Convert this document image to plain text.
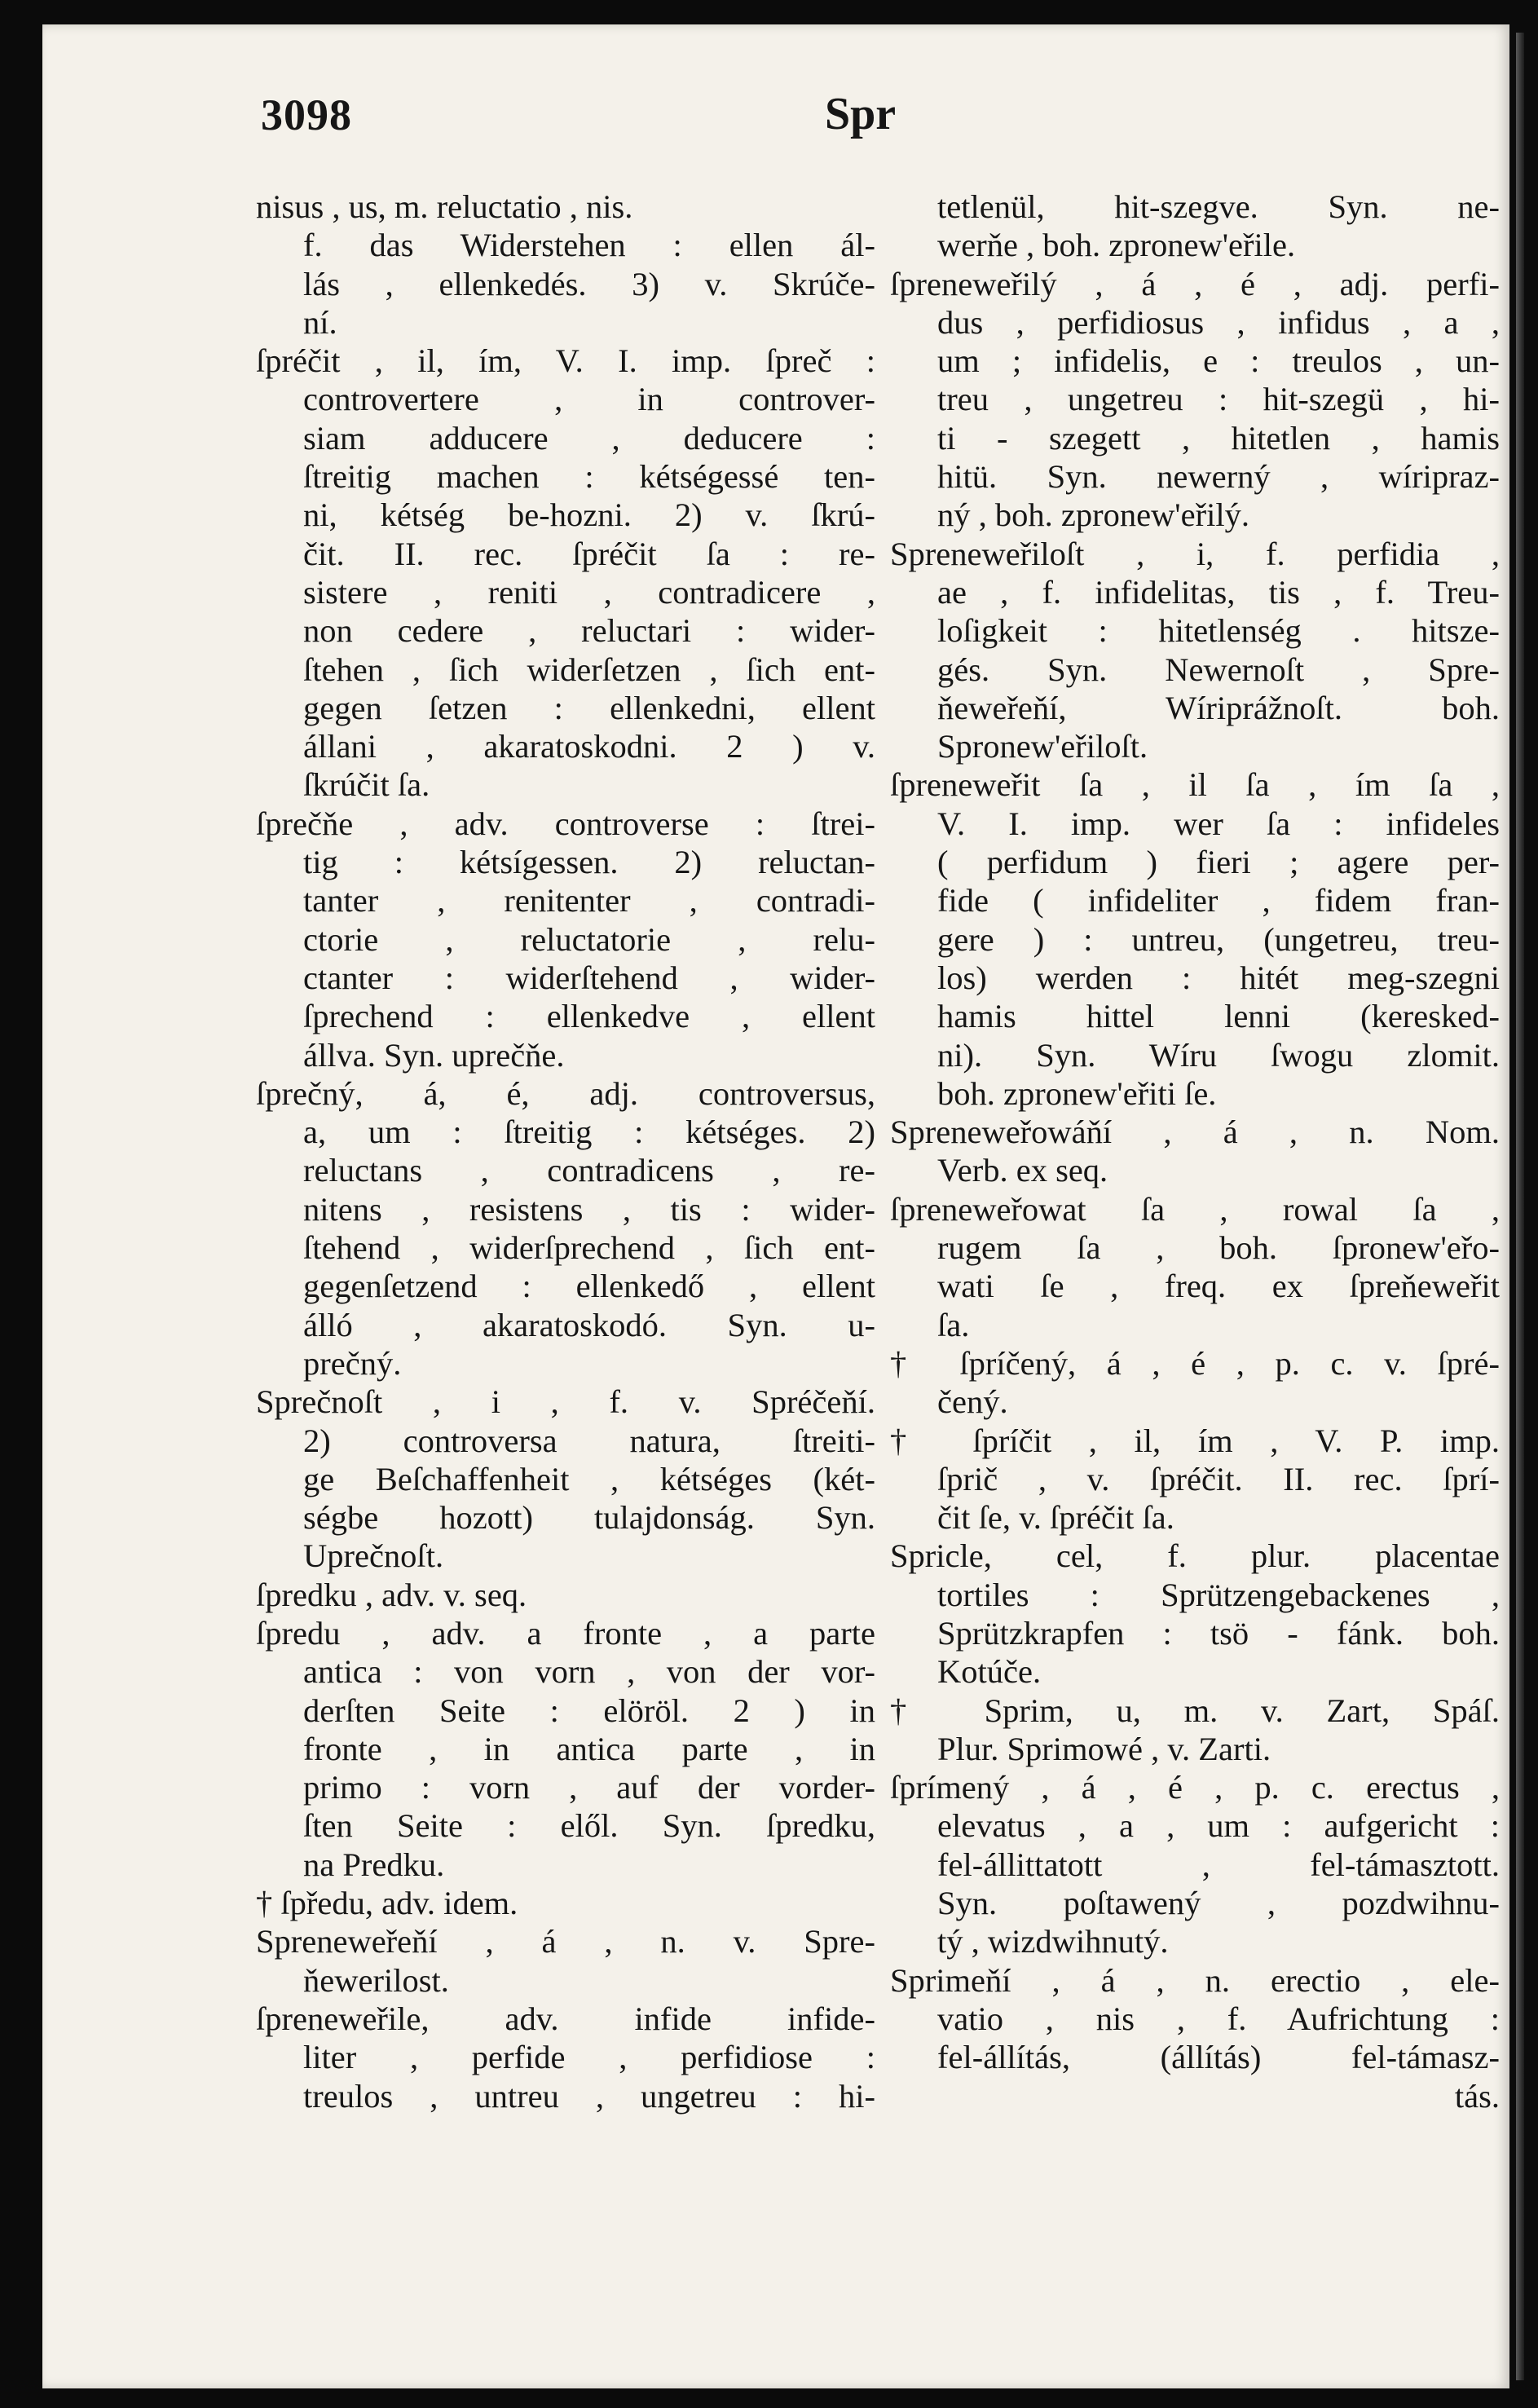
3098	Spr
nisus , us, m. reluctatio , nis.
f. das Widerstehen : ellen ál-
lás , ellenkedés. 3) v. Skrúče-
ní.
ſpréčit , il, ím, V. I. imp. ſpreč :
controvertere , in controver-
siam adducere , deducere :
ſtreitig machen : kétségessé ten-
ni, kétség be-hozni. 2) v. ſkrú-
čit. II. rec. ſpréčit ſa : re-
sistere , reniti , contradicere ,
non cedere , reluctari : wider-
ſtehen , ſich widerſetzen , ſich ent-
gegen ſetzen : ellenkedni, ellent
állani , akaratoskodni. 2 ) v.
ſkrúčit ſa.
ſprečňe , adv. controverse : ſtrei-
tig : kétsígessen. 2) reluctan-
tanter , renitenter , contradi-
ctorie , reluctatorie , relu-
ctanter : widerſtehend , wider-
ſprechend : ellenkedve , ellent
állva. Syn. uprečňe.
ſprečný, á, é, adj. controversus,
a, um : ſtreitig : kétséges. 2)
reluctans , contradicens , re-
nitens , resistens , tis : wider-
ſtehend , widerſprechend , ſich ent-
gegenſetzend : ellenkedő , ellent
álló , akaratoskodó. Syn. u-
prečný.
Sprečnoſt , i , f. v. Spréčeňí.
2) controversa natura, ſtreiti-
ge Beſchaffenheit , kétséges (két-
ségbe hozott) tulajdonság. Syn.
Uprečnoſt.
ſpredku , adv. v. seq.
ſpredu , adv. a fronte , a parte
antica : von vorn , von der vor-
derſten Seite : elöröl. 2 ) in
fronte , in antica parte , in
primo : vorn , auf der vorder-
ſten Seite : elől. Syn. ſpredku,
na Predku.
† ſpředu, adv. idem.
Spreneweřeňí , á , n. v. Spre-
ňewerilost.
ſpreneweřile, adv. infide infide-
liter , perfide , perfidiose :
treulos , untreu , ungetreu : hi-
tetlenül, hit-szegve. Syn. ne-
werňe , boh. zpronew'eřile.
ſpreneweřilý , á , é , adj. perfi-
dus , perfidiosus , infidus , a ,
um ; infidelis, e : treulos , un-
treu , ungetreu : hit-szegü , hi-
ti - szegett , hitetlen , hamis
hitü. Syn. newerný , wíriprаz-
ný , boh. zpronew'eřilý.
Spreneweřiloſt , i, f. perfidia ,
ae , f. infidelitas, tis , f. Treu-
loſigkeit : hitetlenség . hitsze-
gés. Syn. Newernoſt , Spre-
ňeweřeňí, Wíriprážnoſt. boh.
Spronew'eřiloſt.
ſpreneweřit ſa , il ſa , ím ſa ,
V. I. imp. wer ſa : infideles
( perfidum ) fieri ; agere per-
fide ( infideliter , fidem fran-
gere ) : untreu, (ungetreu, treu-
los) werden : hitét meg-szegni
hamis hittel lenni (keresked-
ni). Syn. Wíru ſwogu zlomit.
boh. zpronew'eřiti ſe.
Spreneweřowáňí , á , n. Nom.
Verb. ex seq.
ſpreneweřowat ſa , rowal ſa ,
rugem ſa , boh. ſpronew'eřo-
wati ſe , freq. ex ſpreňeweřit
ſa.
† ſpríčený, á , é , p. c. v. ſpré-
čený.
† ſpríčit , il, ím , V. P. imp.
ſprič , v. ſpréčit. II. rec. ſprí-
čit ſe, v. ſpréčit ſa.
Spricle, cel, f. plur. placentae
tortiles : Sprützengebackenes ,
Sprützkrapfen : tsö - fánk. boh.
Kotúče.
† Sprim, u, m. v. Zart, Spáſ.
Plur. Sprimowé , v. Zarti.
ſprímený , á , é , p. c. erectus ,
elevatus , a , um : aufgericht :
fel-állittatott , fel-támasztott.
Syn. poſtawený , pozdwihnu-
tý , wizdwihnutý.
Sprimeňí , á , n. erectio , ele-
vatio , nis , f. Aufrichtung :
fel-állítás, (állítás) fel-támasz-
tás.
